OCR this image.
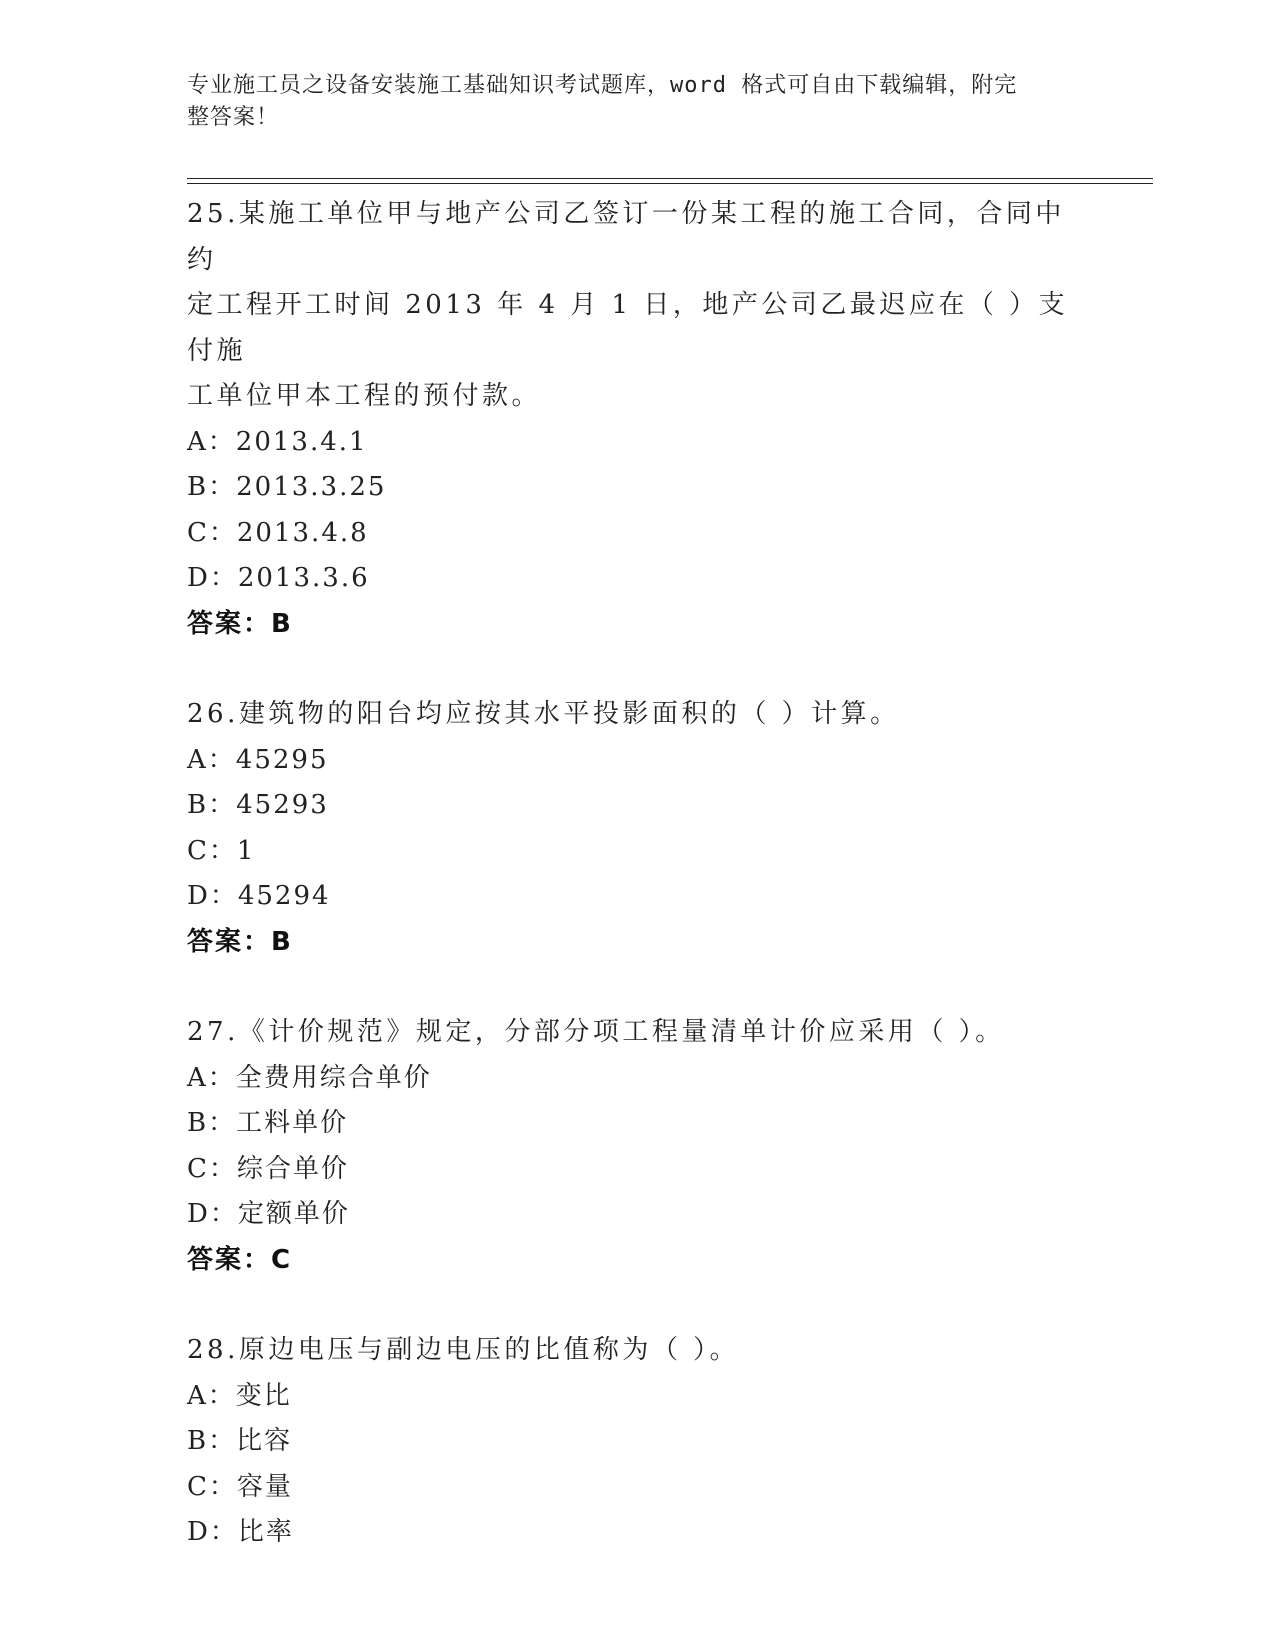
专业施工员之设备安装施工基础知识考试题库，word 格式可自由下载编辑，附完
整答案！
25.某施工单位甲与地产公司乙签订一份某工程的施工合同，合同中约
定工程开工时间 2013 年 4 月 1 日，地产公司乙最迟应在（ ）支付施
工单位甲本工程的预付款。
A：2013.4.1
B：2013.3.25
C：2013.4.8
D：2013.3.6
答案：B
26.建筑物的阳台均应按其水平投影面积的（ ）计算。
A：45295
B：45293
C：1
D：45294
答案：B
27.《计价规范》规定，分部分项工程量清单计价应采用（ ）。
A：全费用综合单价
B：工料单价
C：综合单价
D：定额单价
答案：C
28.原边电压与副边电压的比值称为（ ）。
A：变比
B：比容
C：容量
D：比率
